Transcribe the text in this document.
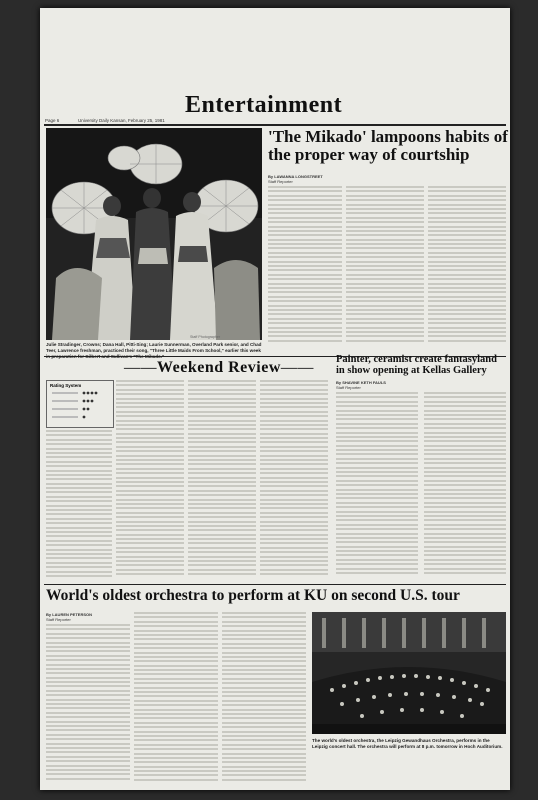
Entertainment
Page 6	University Daily Kansan, February 25, 1981
Staff Photographer
Julie Stradinger, Crowns; Dana Hall, Pitti-Sing; Laurie Sunnerman, Overland Park senior, and Chad Teer, Lawrence freshman, practiced their song, "Three Little Maids From School," earlier this week
'The Mikado' lampoons habits of the proper way of courtship
By LAWANNA LONGSTREET
Staff Reporter
——Weekend Review——
Rating System
Painter, ceramist create fantasyland in show opening at Kellas Gallery
By SHAVINE KETH FAULS
Staff Reporter
World's oldest orchestra to perform at KU on second U.S. tour
By LAUREN PETERSON
Staff Reporter
The world's oldest orchestra, the Leipzig Gewandhaus Orchestra, performs in the Leipzig concert hall. The orchestra will perform at 8 p.m. tomorrow in Hoch Auditorium.
